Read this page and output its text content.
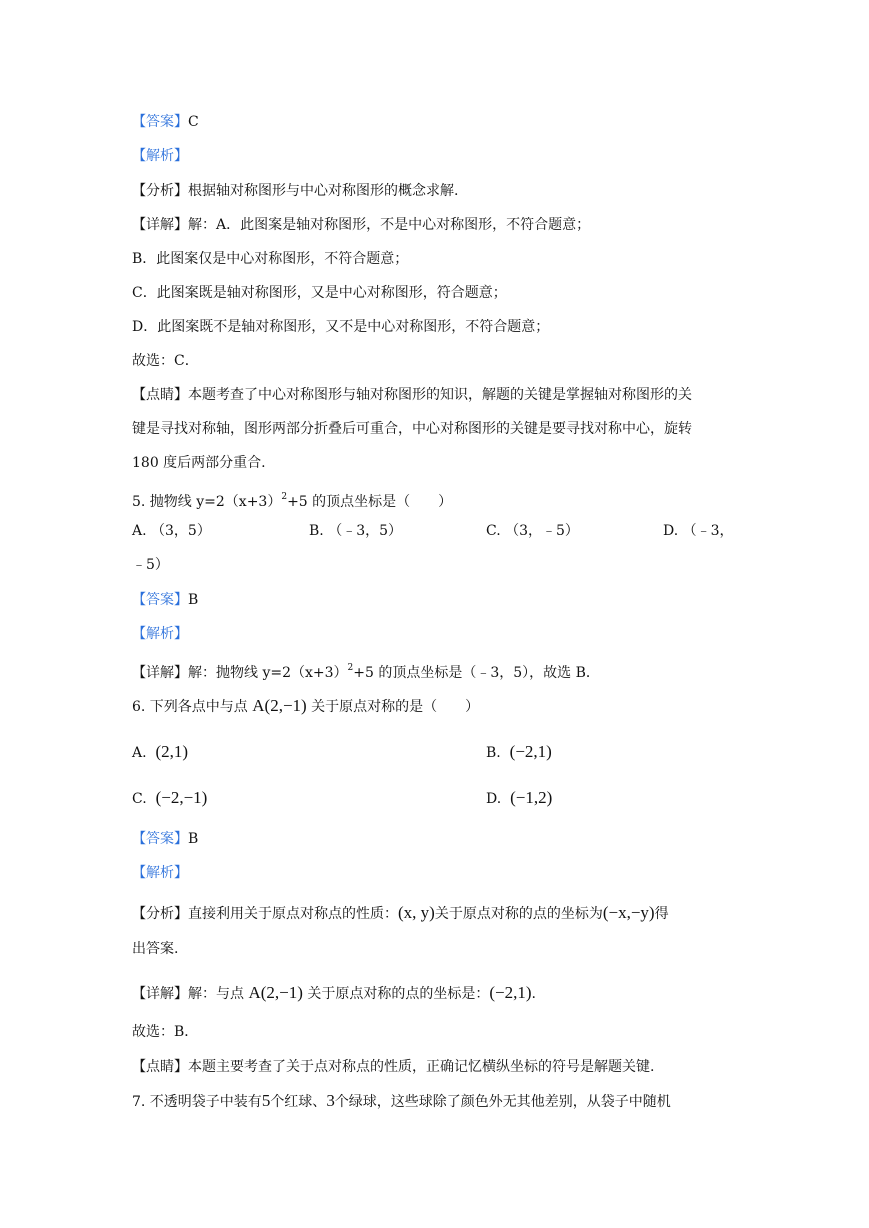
【答案】C
【解析】
【分析】根据轴对称图形与中心对称图形的概念求解.
【详解】解：A．此图案是轴对称图形，不是中心对称图形，不符合题意；
B．此图案仅是中心对称图形，不符合题意；
C．此图案既是轴对称图形，又是中心对称图形，符合题意；
D．此图案既不是轴对称图形，又不是中心对称图形，不符合题意；
故选：C．
【点睛】本题考查了中心对称图形与轴对称图形的知识，解题的关键是掌握轴对称图形的关
键是寻找对称轴，图形两部分折叠后可重合，中心对称图形的关键是要寻找对称中心，旋转
180 度后两部分重合.
5. 抛物线 $y=2(x+3)^2+5$ 的顶点坐标是（　　）
A. （3，5）	B. （﹣3，5）	C. （3，﹣5）	D. （﹣3，
﹣5）
【答案】B
【解析】
【详解】解：抛物线 $y=2(x+3)^2+5$ 的顶点坐标是（﹣3，5），故选 B．
6. 下列各点中与点 A(2,−1) 关于原点对称的是（　　）
A. (2,1)	B. (−2,1)
C. (−2,−1)	D. (−1,2)
【答案】B
【解析】
【分析】直接利用关于原点对称点的性质：(x, y)关于原点对称的点的坐标为(−x,−y)得
出答案.
【详解】解：与点 A(2,−1) 关于原点对称的点的坐标是：(−2,1).
故选：B．
【点睛】本题主要考查了关于点对称点的性质，正确记忆横纵坐标的符号是解题关键.
7. 不透明袋子中装有5个红球、3个绿球，这些球除了颜色外无其他差别，从袋子中随机
